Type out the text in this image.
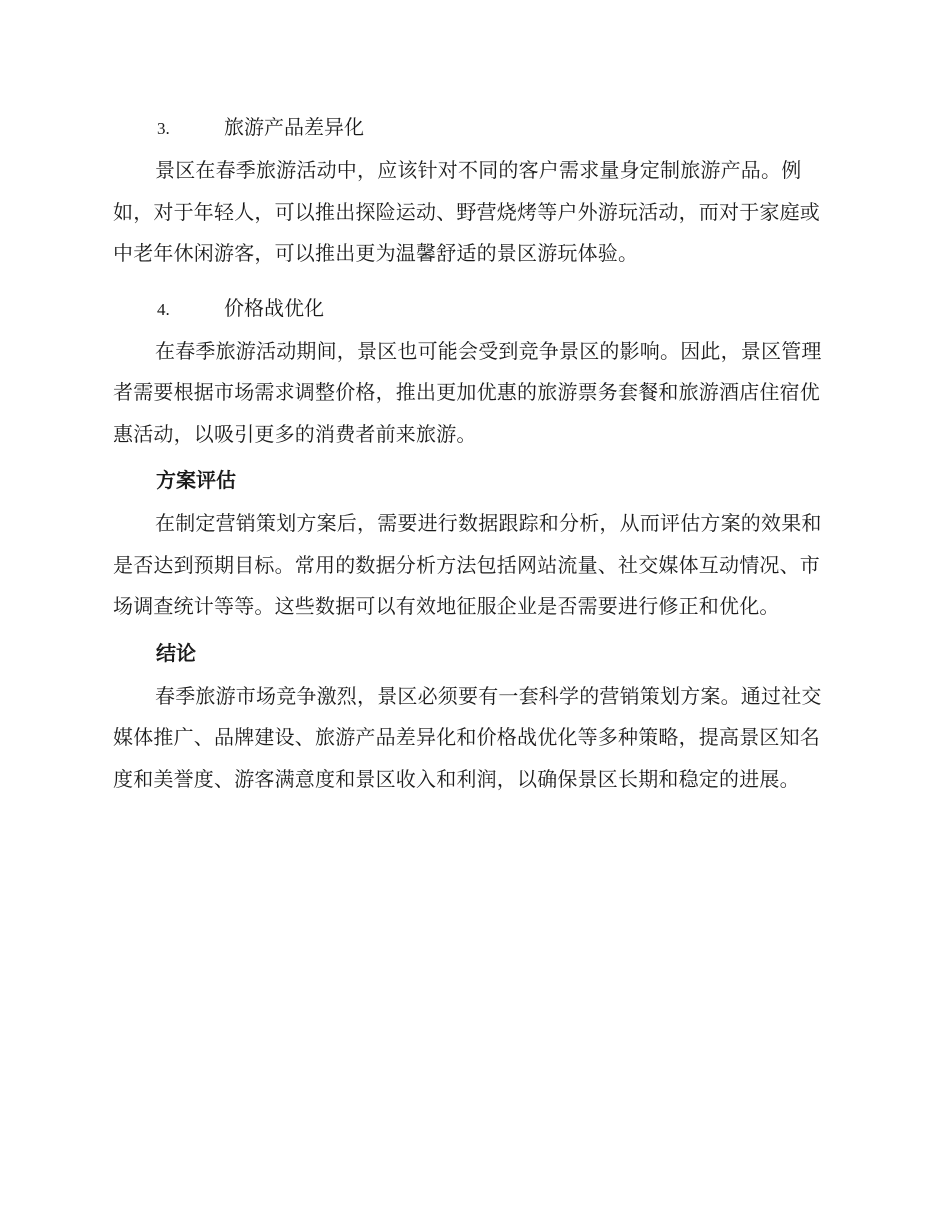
3.	旅游产品差异化

景区在春季旅游活动中，应该针对不同的客户需求量身定制旅游产品。例如，对于年轻人，可以推出探险运动、野营烧烤等户外游玩活动，而对于家庭或中老年休闲游客，可以推出更为温馨舒适的景区游玩体验。

4.	价格战优化

在春季旅游活动期间，景区也可能会受到竞争景区的影响。因此，景区管理者需要根据市场需求调整价格，推出更加优惠的旅游票务套餐和旅游酒店住宿优惠活动，以吸引更多的消费者前来旅游。

方案评估

在制定营销策划方案后，需要进行数据跟踪和分析，从而评估方案的效果和是否达到预期目标。常用的数据分析方法包括网站流量、社交媒体互动情况、市场调查统计等等。这些数据可以有效地征服企业是否需要进行修正和优化。

结论

春季旅游市场竞争激烈，景区必须要有一套科学的营销策划方案。通过社交媒体推广、品牌建设、旅游产品差异化和价格战优化等多种策略，提高景区知名度和美誉度、游客满意度和景区收入和利润，以确保景区长期和稳定的进展。
